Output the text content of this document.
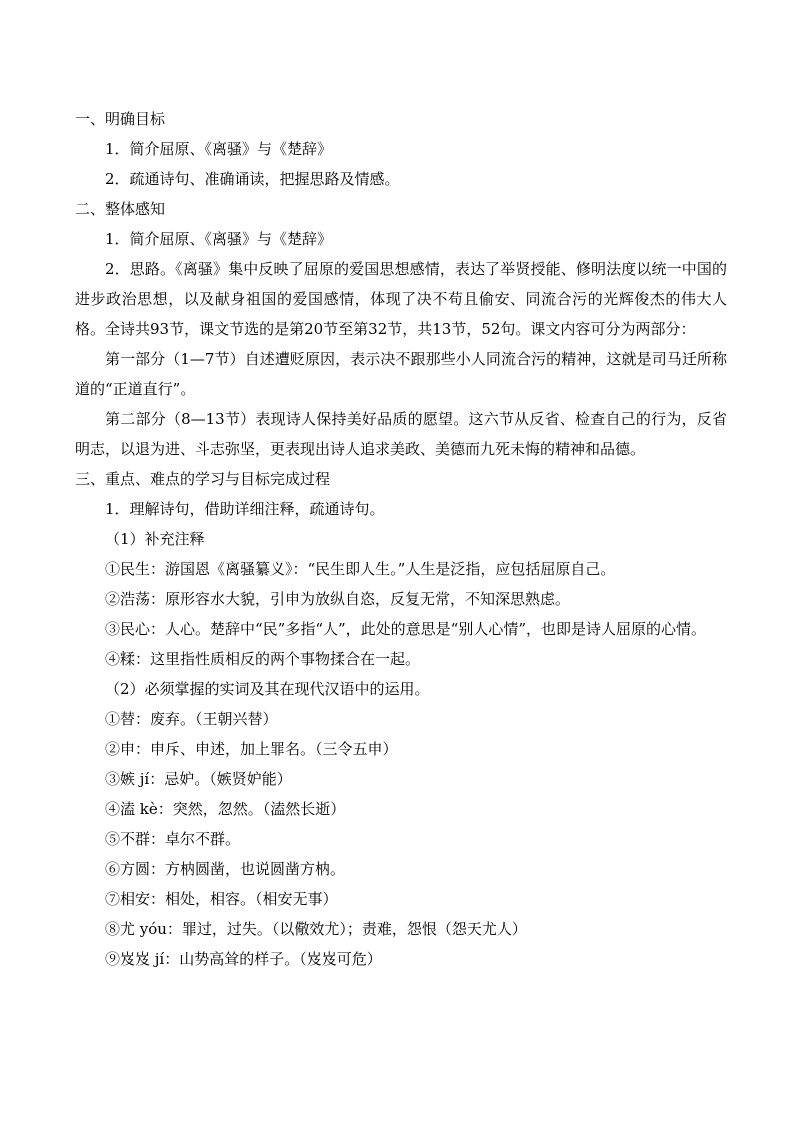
一、明确目标
1．简介屈原、《离骚》与《楚辞》
2．疏通诗句、准确诵读，把握思路及情感。
二、整体感知
1．简介屈原、《离骚》与《楚辞》
2．思路。《离骚》集中反映了屈原的爱国思想感情，表达了举贤授能、修明法度以统一中国的进步政治思想，以及献身祖国的爱国感情，体现了决不苟且偷安、同流合污的光辉俊杰的伟大人格。全诗共93节，课文节选的是第20节至第32节，共13节，52句。课文内容可分为两部分：
第一部分（1—7节）自述遭贬原因，表示决不跟那些小人同流合污的精神，这就是司马迁所称道的“正道直行”。
第二部分（8—13节）表现诗人保持美好品质的愿望。这六节从反省、检查自己的行为，反省明志，以退为进、斗志弥坚，更表现出诗人追求美政、美德而九死未悔的精神和品德。
三、重点、难点的学习与目标完成过程
1．理解诗句，借助详细注释，疏通诗句。
（1）补充注释
①民生：游国恩《离骚纂义》：“民生即人生。”人生是泛指，应包括屈原自己。
②浩荡：原形容水大貌，引申为放纵自恣，反复无常，不知深思熟虑。
③民心：人心。楚辞中“民”多指“人”，此处的意思是“别人心情”，也即是诗人屈原的心情。
④糅：这里指性质相反的两个事物揉合在一起。
（2）必须掌握的实词及其在现代汉语中的运用。
①替：废弃。（王朝兴替）
②申：申斥、申述，加上罪名。（三令五申）
③嫉 jí：忌妒。（嫉贤妒能）
④溘 kè：突然，忽然。（溘然长逝）
⑤不群：卓尔不群。
⑥方圆：方枘圆凿，也说圆凿方枘。
⑦相安：相处，相容。（相安无事）
⑧尤 yóu：罪过，过失。（以儆效尤）；责难，怨恨（怨天尤人）
⑨岌岌 jí：山势高耸的样子。（岌岌可危）
